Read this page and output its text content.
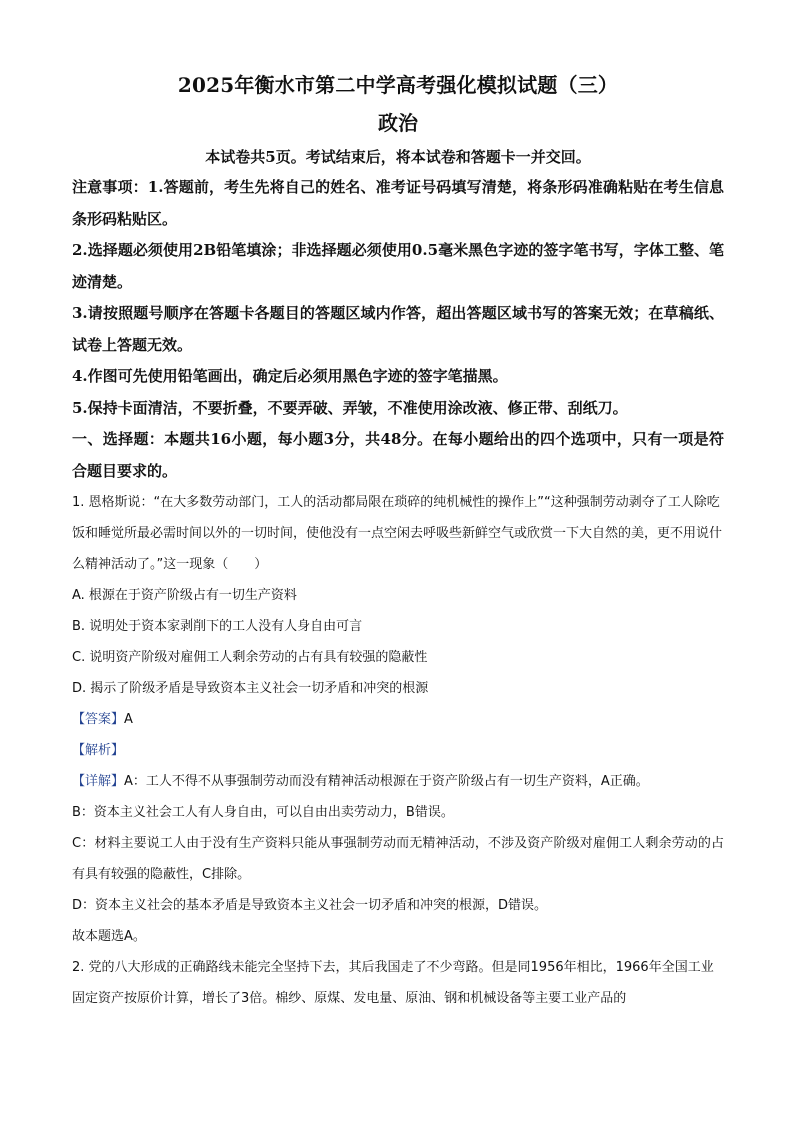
2025年衡水市第二中学高考强化模拟试题（三）

政治

本试卷共5页。考试结束后，将本试卷和答题卡一并交回。

注意事项：1.答题前，考生先将自己的姓名、准考证号码填写清楚，将条形码准确粘贴在考生信息条形码粘贴区。

2.选择题必须使用2B铅笔填涂；非选择题必须使用0.5毫米黑色字迹的签字笔书写，字体工整、笔迹清楚。

3.请按照题号顺序在答题卡各题目的答题区域内作答，超出答题区域书写的答案无效；在草稿纸、试卷上答题无效。

4.作图可先使用铅笔画出，确定后必须用黑色字迹的签字笔描黑。

5.保持卡面清洁，不要折叠，不要弄破、弄皱，不准使用涂改液、修正带、刮纸刀。

一、选择题：本题共16小题，每小题3分，共48分。在每小题给出的四个选项中，只有一项是符合题目要求的。

1. 恩格斯说：“在大多数劳动部门，工人的活动都局限在琐碎的纯机械性的操作上”“这种强制劳动剥夺了工人除吃饭和睡觉所最必需时间以外的一切时间，使他没有一点空闲去呼吸些新鲜空气或欣赏一下大自然的美，更不用说什么精神活动了。”这一现象（　　）

A. 根源在于资产阶级占有一切生产资料

B. 说明处于资本家剥削下的工人没有人身自由可言

C. 说明资产阶级对雇佣工人剩余劳动的占有具有较强的隐蔽性

D. 揭示了阶级矛盾是导致资本主义社会一切矛盾和冲突的根源

【答案】A

【解析】

【详解】A：工人不得不从事强制劳动而没有精神活动根源在于资产阶级占有一切生产资料，A正确。

B：资本主义社会工人有人身自由，可以自由出卖劳动力，B错误。

C：材料主要说工人由于没有生产资料只能从事强制劳动而无精神活动，不涉及资产阶级对雇佣工人剩余劳动的占有具有较强的隐蔽性，C排除。

D：资本主义社会的基本矛盾是导致资本主义社会一切矛盾和冲突的根源，D错误。

故本题选A。

2. 党的八大形成的正确路线未能完全坚持下去，其后我国走了不少弯路。但是同1956年相比，1966年全国工业固定资产按原价计算，增长了3倍。棉纱、原煤、发电量、原油、钢和机械设备等主要工业产品的
